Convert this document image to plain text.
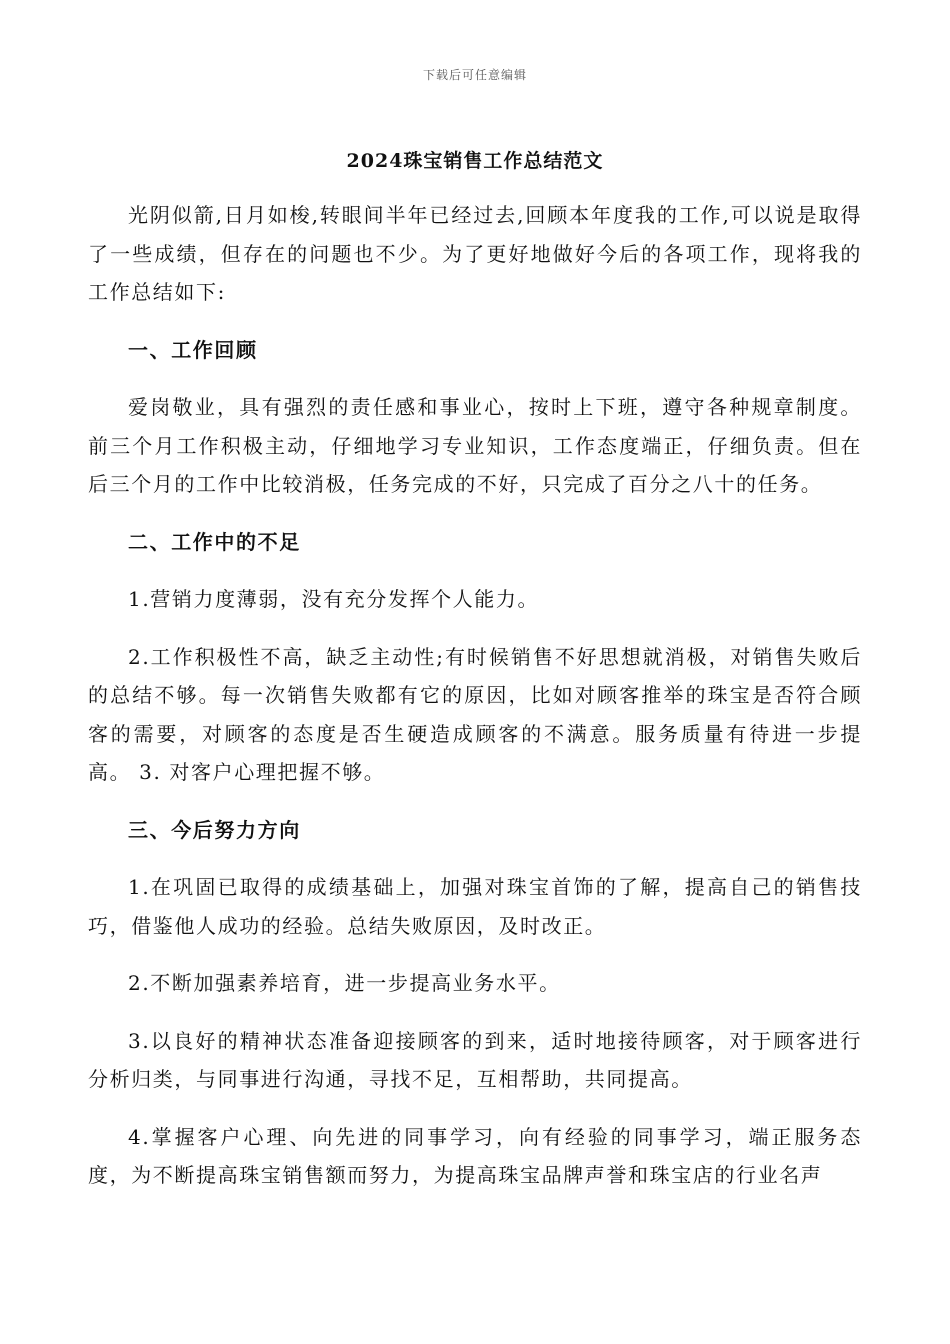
下载后可任意编辑
2024珠宝销售工作总结范文

光阴似箭,日月如梭,转眼间半年已经过去,回顾本年度我的工作,可以说是取得了一些成绩，但存在的问题也不少。为了更好地做好今后的各项工作，现将我的工作总结如下:

一、工作回顾

爱岗敬业，具有强烈的责任感和事业心，按时上下班，遵守各种规章制度。前三个月工作积极主动，仔细地学习专业知识，工作态度端正，仔细负责。但在后三个月的工作中比较消极，任务完成的不好，只完成了百分之八十的任务。

二、工作中的不足

1.营销力度薄弱，没有充分发挥个人能力。

2.工作积极性不高，缺乏主动性;有时候销售不好思想就消极，对销售失败后的总结不够。每一次销售失败都有它的原因，比如对顾客推举的珠宝是否符合顾客的需要，对顾客的态度是否生硬造成顾客的不满意。服务质量有待进一步提高。 3. 对客户心理把握不够。

三、今后努力方向

1.在巩固已取得的成绩基础上，加强对珠宝首饰的了解，提高自己的销售技巧，借鉴他人成功的经验。总结失败原因，及时改正。

2.不断加强素养培育，进一步提高业务水平。

3.以良好的精神状态准备迎接顾客的到来，适时地接待顾客，对于顾客进行分析归类，与同事进行沟通，寻找不足，互相帮助，共同提高。

4.掌握客户心理、向先进的同事学习，向有经验的同事学习，端正服务态度，为不断提高珠宝销售额而努力，为提高珠宝品牌声誉和珠宝店的行业名声
